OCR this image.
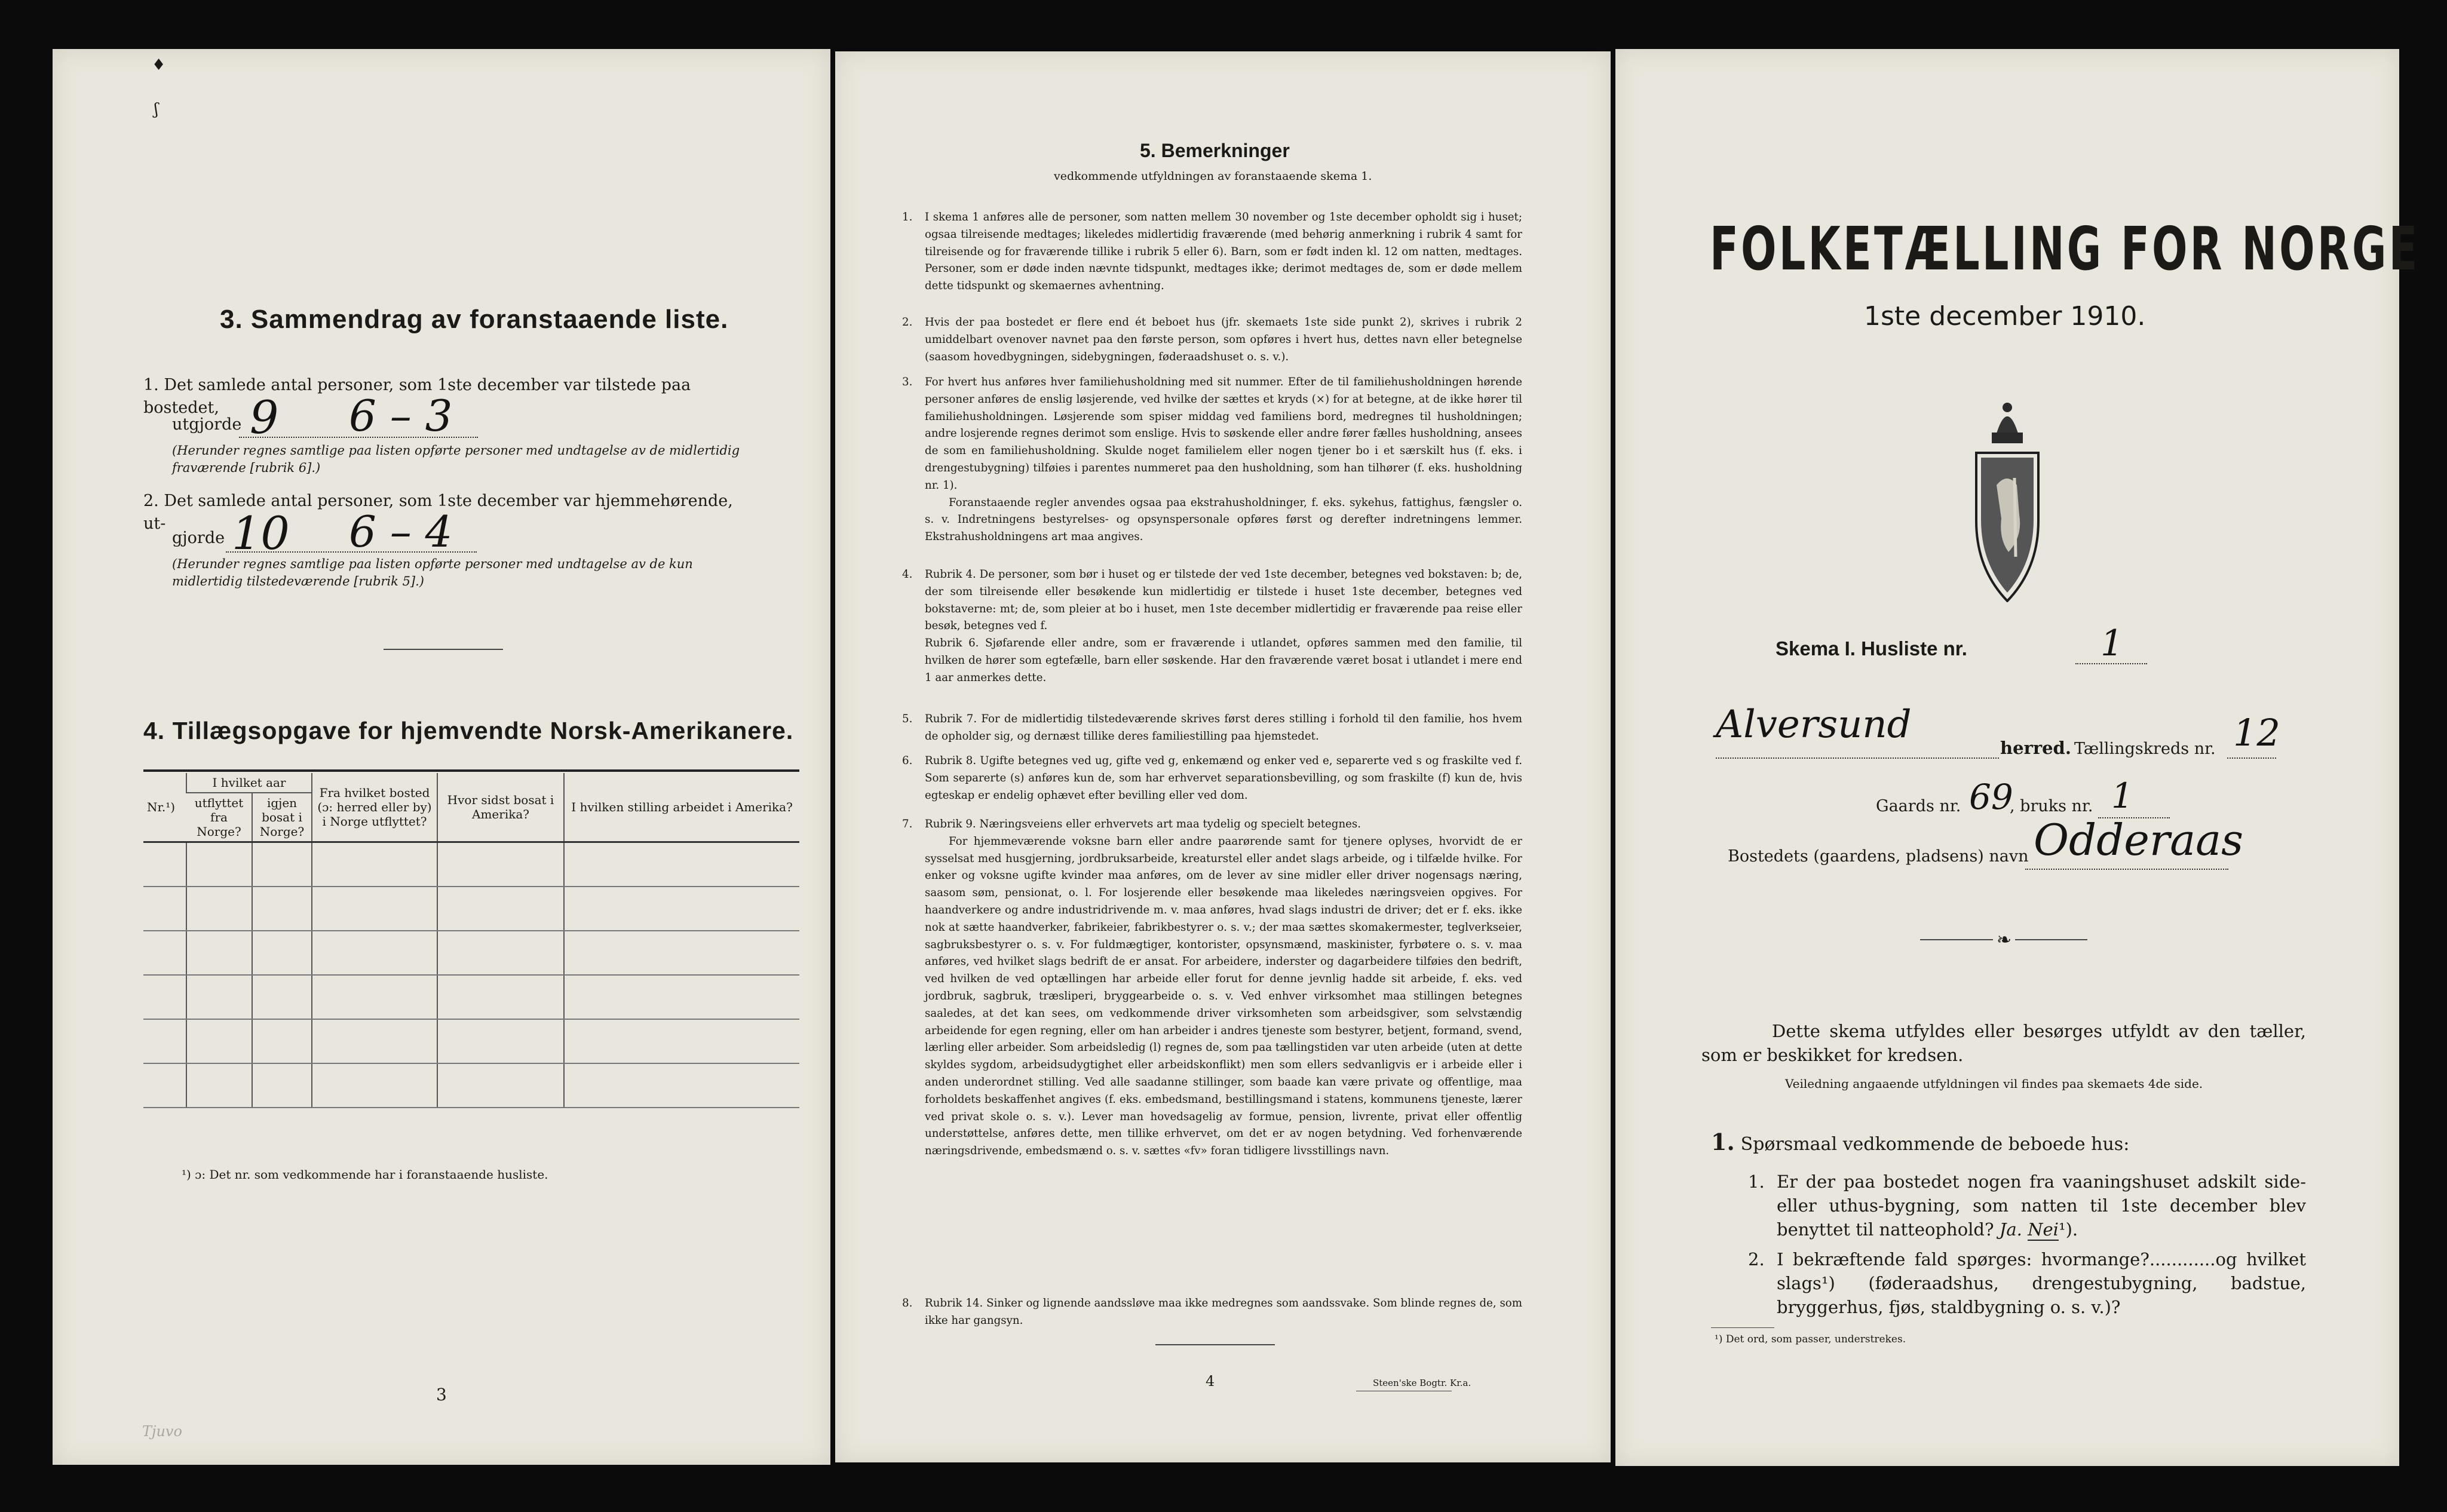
♦
ʃ
3. Sammendrag av foranstaaende liste.
1. Det samlede antal personer, som 1ste december var tilstede paa bostedet,
utgjorde 9 6 – 3
(Herunder regnes samtlige paa listen opførte personer med undtagelse av de midlertidig fraværende [rubrik 6].)
2. Det samlede antal personer, som 1ste december var hjemmehørende, ut-
gjorde 10 6 – 4
(Herunder regnes samtlige paa listen opførte personer med undtagelse av de kun midlertidig tilstedeværende [rubrik 5].)
4. Tillægsopgave for hjemvendte Norsk-Amerikanere.
Nr.¹)	I hvilket aar		Fra hvilket bosted (ɔ: herred eller by) i Norge utflyttet?	Hvor sidst bosat i Amerika?	I hvilken stilling arbeidet i Amerika?
	utflyttet fra Norge?	igjen bosat i Norge?			

¹) ɔ: Det nr. som vedkommende har i foranstaaende husliste.
3
Tjuvo
5. Bemerkninger
vedkommende utfyldningen av foranstaaende skema 1.
1. I skema 1 anføres alle de personer, som natten mellem 30 november og 1ste december opholdt sig i huset; ogsaa tilreisende medtages; likeledes midlertidig fraværende (med behørig anmerkning i rubrik 4 samt for tilreisende og for fraværende tillike i rubrik 5 eller 6). Barn, som er født inden kl. 12 om natten, medtages. Personer, som er døde inden nævnte tidspunkt, medtages ikke; derimot medtages de, som er døde mellem dette tidspunkt og skemaernes avhentning.
2. Hvis der paa bostedet er flere end ét beboet hus (jfr. skemaets 1ste side punkt 2), skrives i rubrik 2 umiddelbart ovenover navnet paa den første person, som opføres i hvert hus, dettes navn eller betegnelse (saasom hovedbygningen, sidebygningen, føderaadshuset o. s. v.).
3. For hvert hus anføres hver familiehusholdning med sit nummer. Efter de til familiehusholdningen hørende personer anføres de enslig løsjerende, ved hvilke der sættes et kryds (×) for at betegne, at de ikke hører til familiehusholdningen. Løsjerende som spiser middag ved familiens bord, medregnes til husholdningen; andre losjerende regnes derimot som enslige. Hvis to søskende eller andre fører fælles husholdning, ansees de som en familiehusholdning. Skulde noget familielem eller nogen tjener bo i et særskilt hus (f. eks. i drengestubygning) tilføies i parentes nummeret paa den husholdning, som han tilhører (f. eks. husholdning nr. 1).
Foranstaaende regler anvendes ogsaa paa ekstrahusholdninger, f. eks. sykehus, fattighus, fængsler o. s. v. Indretningens bestyrelses- og opsynspersonale opføres først og derefter indretningens lemmer. Ekstrahusholdningens art maa angives.
4. Rubrik 4. De personer, som bør i huset og er tilstede der ved 1ste december, betegnes ved bokstaven: b; de, der som tilreisende eller besøkende kun midlertidig er tilstede i huset 1ste december, betegnes ved bokstaverne: mt; de, som pleier at bo i huset, men 1ste december midlertidig er fraværende paa reise eller besøk, betegnes ved f.
Rubrik 6. Sjøfarende eller andre, som er fraværende i utlandet, opføres sammen med den familie, til hvilken de hører som egtefælle, barn eller søskende. Har den fraværende været bosat i utlandet i mere end 1 aar anmerkes dette.
5. Rubrik 7. For de midlertidig tilstedeværende skrives først deres stilling i forhold til den familie, hos hvem de opholder sig, og dernæst tillike deres familiestilling paa hjemstedet.
6. Rubrik 8. Ugifte betegnes ved ug, gifte ved g, enkemænd og enker ved e, separerte ved s og fraskilte ved f. Som separerte (s) anføres kun de, som har erhvervet separationsbevilling, og som fraskilte (f) kun de, hvis egteskap er endelig ophævet efter bevilling eller ved dom.
7. Rubrik 9. Næringsveiens eller erhvervets art maa tydelig og specielt betegnes.
For hjemmeværende voksne barn eller andre paarørende samt for tjenere oplyses, hvorvidt de er sysselsat med husgjerning, jordbruksarbeide, kreaturstel eller andet slags arbeide, og i tilfælde hvilke. For enker og voksne ugifte kvinder maa anføres, om de lever av sine midler eller driver nogensags næring, saasom søm, pensionat, o. l. For losjerende eller besøkende maa likeledes næringsveien opgives. For haandverkere og andre industridrivende m. v. maa anføres, hvad slags industri de driver; det er f. eks. ikke nok at sætte haandverker, fabrikeier, fabrikbestyrer o. s. v.; der maa sættes skomakermester, teglverkseier, sagbruksbestyrer o. s. v. For fuldmægtiger, kontorister, opsynsmænd, maskinister, fyrbøtere o. s. v. maa anføres, ved hvilket slags bedrift de er ansat. For arbeidere, inderster og dagarbeidere tilføies den bedrift, ved hvilken de ved optællingen har arbeide eller forut for denne jevnlig hadde sit arbeide, f. eks. ved jordbruk, sagbruk, træsliperi, bryggearbeide o. s. v. Ved enhver virksomhet maa stillingen betegnes saaledes, at det kan sees, om vedkommende driver virksomheten som arbeidsgiver, som selvstændig arbeidende for egen regning, eller om han arbeider i andres tjeneste som bestyrer, betjent, formand, svend, lærling eller arbeider. Som arbeidsledig (l) regnes de, som paa tællingstiden var uten arbeide (uten at dette skyldes sygdom, arbeidsudygtighet eller arbeidskonflikt) men som ellers sedvanligvis er i arbeide eller i anden underordnet stilling. Ved alle saadanne stillinger, som baade kan være private og offentlige, maa forholdets beskaffenhet angives (f. eks. embedsmand, bestillingsmand i statens, kommunens tjeneste, lærer ved privat skole o. s. v.). Lever man hovedsagelig av formue, pension, livrente, privat eller offentlig understøttelse, anføres dette, men tillike erhvervet, om det er av nogen betydning. Ved forhenværende næringsdrivende, embedsmænd o. s. v. sættes «fv» foran tidligere livsstillings navn.
8. Rubrik 14. Sinker og lignende aandssløve maa ikke medregnes som aandssvake. Som blinde regnes de, som ikke har gangsyn.
4	Steen'ske Bogtr. Kr.a.
FOLKETÆLLING FOR NORGE
1ste december 1910.
Skema I. Husliste nr.	1
Alversund
herred. Tællingskreds nr. 12
Gaards nr. 69
, bruks nr. 1
Bostedets (gaardens, pladsens) navn Odderaas
❧
Dette skema utfyldes eller besørges utfyldt av den tæller, som er beskikket for kredsen.
Veiledning angaaende utfyldningen vil findes paa skemaets 4de side.
1. Spørsmaal vedkommende de beboede hus:
1. Er der paa bostedet nogen fra vaaningshuset adskilt side- eller uthus-bygning, som natten til 1ste december blev benyttet til natteophold? Ja. Nei¹).
2. I bekræftende fald spørges: hvormange?............og hvilket slags¹) (føderaadshus, drengestubygning, badstue, bryggerhus, fjøs, staldbygning o. s. v.)?
¹) Det ord, som passer, understrekes.
